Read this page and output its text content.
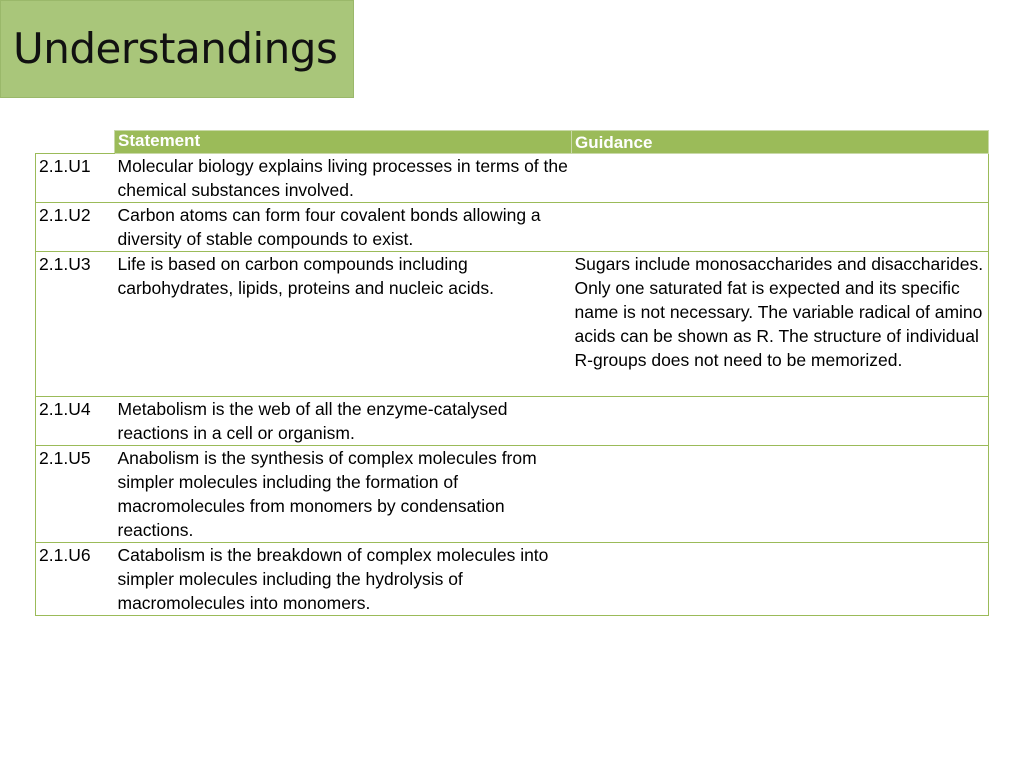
Understandings
	Statement	Guidance
2.1.U1	Molecular biology explains living processes in terms of the chemical substances involved.	
2.1.U2	Carbon atoms can form four covalent bonds allowing a diversity of stable compounds to exist.	
2.1.U3	Life is based on carbon compounds including carbohydrates, lipids, proteins and nucleic acids.	Sugars include monosaccharides and disaccharides. Only one saturated fat is expected and its specific name is not necessary. The variable radical of amino acids can be shown as R. The structure of individual R-groups does not need to be memorized.
2.1.U4	Metabolism is the web of all the enzyme-catalysed reactions in a cell or organism.	
2.1.U5	Anabolism is the synthesis of complex molecules from simpler molecules including the formation of macromolecules from monomers by condensation reactions.	
2.1.U6	Catabolism is the breakdown of complex molecules into simpler molecules including the hydrolysis of macromolecules into monomers.	
